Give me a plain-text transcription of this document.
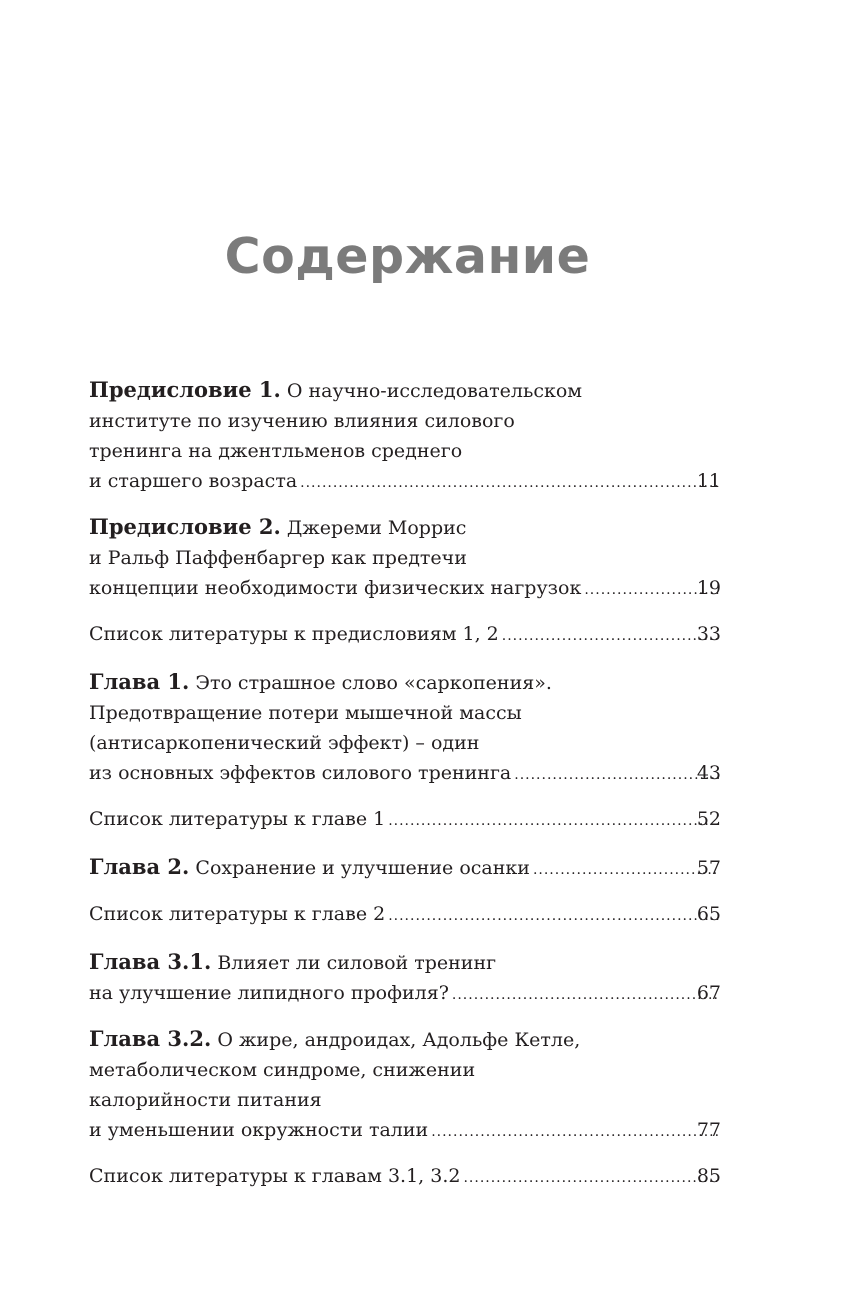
Содержание
Предисловие 1. О научно-исследовательском
институте по изучению влияния силового
тренинга на джентльменов среднего
и старшего возраста .....	11
Предисловие 2. Джереми Моррис
и Ральф Паффенбаргер как предтечи
концепции необходимости физических нагрузок .....	19
Список литературы к предисловиям 1, 2 .....	33
Глава 1. Это страшное слово «саркопения».
Предотвращение потери мышечной массы
(антисаркопенический эффект) – один
из основных эффектов силового тренинга .....	43
Список литературы к главе 1 .....	52
Глава 2. Сохранение и улучшение осанки .....	57
Список литературы к главе 2 .....	65
Глава 3.1. Влияет ли силовой тренинг
на улучшение липидного профиля? .....	67
Глава 3.2. О жире, андроидах, Адольфе Кетле,
метаболическом синдроме, снижении
калорийности питания
и уменьшении окружности талии .....	77
Список литературы к главам 3.1, 3.2 .....	85
